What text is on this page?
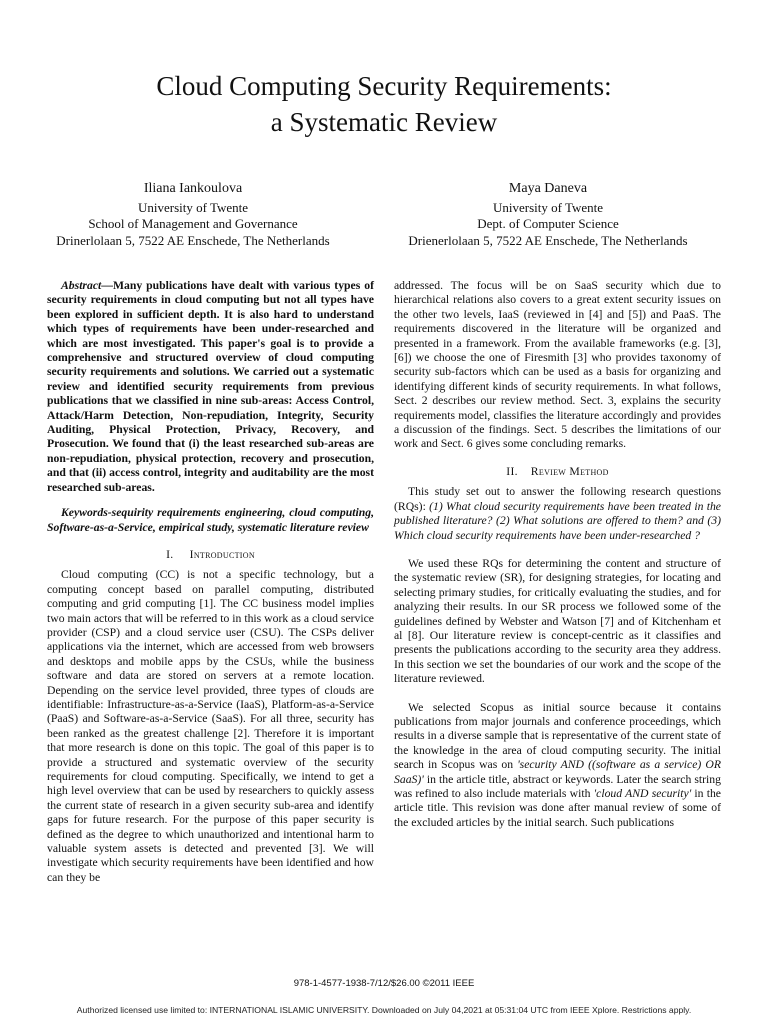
Cloud Computing Security Requirements:
a Systematic Review
Iliana Iankoulova
University of Twente
School of Management and Governance
Drinerlolaan 5, 7522 AE Enschede, The Netherlands
Maya Daneva
University of Twente
Dept. of Computer Science
Drienerlolaan 5, 7522 AE Enschede, The Netherlands

Abstract—Many publications have dealt with various types of security requirements in cloud computing but not all types have been explored in sufficient depth. It is also hard to understand which types of requirements have been under-researched and which are most investigated. This paper's goal is to provide a comprehensive and structured overview of cloud computing security requirements and solutions. We carried out a systematic review and identified security requirements from previous publications that we classified in nine sub-areas: Access Control, Attack/Harm Detection, Non-repudiation, Integrity, Security Auditing, Physical Protection, Privacy, Recovery, and Prosecution. We found that (i) the least researched sub-areas are non-repudiation, physical protection, recovery and prosecution, and that (ii) access control, integrity and auditability are the most researched sub-areas.

Keywords-sequirity requirements engineering, cloud computing, Software-as-a-Service, empirical study, systematic literature review

I. Introduction

Cloud computing (CC) is not a specific technology, but a computing concept based on parallel computing, distributed computing and grid computing [1]. The CC business model implies two main actors that will be referred to in this work as a cloud service provider (CSP) and a cloud service user (CSU). The CSPs deliver applications via the internet, which are accessed from web browsers and desktops and mobile apps by the CSUs, while the business software and data are stored on servers at a remote location. Depending on the service level provided, three types of clouds are identifiable: Infrastructure-as-a-Service (IaaS), Platform-as-a-Service (PaaS) and Software-as-a-Service (SaaS). For all three, security has been ranked as the greatest challenge [2]. Therefore it is important that more research is done on this topic. The goal of this paper is to provide a structured and systematic overview of the security requirements for cloud computing. Specifically, we intend to get a high level overview that can be used by researchers to quickly assess the current state of research in a given security sub-area and identify gaps for future research. For the purpose of this paper security is defined as the degree to which unauthorized and intentional harm to valuable system assets is detected and prevented [3]. We will investigate which security requirements have been identified and how can they be

addressed. The focus will be on SaaS security which due to hierarchical relations also covers to a great extent security issues on the other two levels, IaaS (reviewed in [4] and [5]) and PaaS. The requirements discovered in the literature will be organized and presented in a framework. From the available frameworks (e.g. [3], [6]) we choose the one of Firesmith [3] who provides taxonomy of security sub-factors which can be used as a basis for organizing and identifying different kinds of security requirements. In what follows, Sect. 2 describes our review method. Sect. 3, explains the security requirements model, classifies the literature accordingly and provides a discussion of the findings. Sect. 5 describes the limitations of our work and Sect. 6 gives some concluding remarks.

II. Review Method

This study set out to answer the following research questions (RQs): (1) What cloud security requirements have been treated in the published literature? (2) What solutions are offered to them? and (3) Which cloud security requirements have been under-researched ?

We used these RQs for determining the content and structure of the systematic review (SR), for designing strategies, for locating and selecting primary studies, for critically evaluating the studies, and for analyzing their results. In our SR process we followed some of the guidelines defined by Webster and Watson [7] and of Kitchenham et al [8]. Our literature review is concept-centric as it classifies and presents the publications according to the security area they address. In this section we set the boundaries of our work and the scope of the literature reviewed.

We selected Scopus as initial source because it contains publications from major journals and conference proceedings, which results in a diverse sample that is representative of the current state of the knowledge in the area of cloud computing security. The initial search in Scopus was on 'security AND ((software as a service) OR SaaS)' in the article title, abstract or keywords. Later the search string was refined to also include materials with 'cloud AND security' in the article title. This revision was done after manual review of some of the excluded articles by the initial search. Such publications

978-1-4577-1938-7/12/$26.00 ©2011 IEEE
Authorized licensed use limited to: INTERNATIONAL ISLAMIC UNIVERSITY. Downloaded on July 04,2021 at 05:31:04 UTC from IEEE Xplore. Restrictions apply.
